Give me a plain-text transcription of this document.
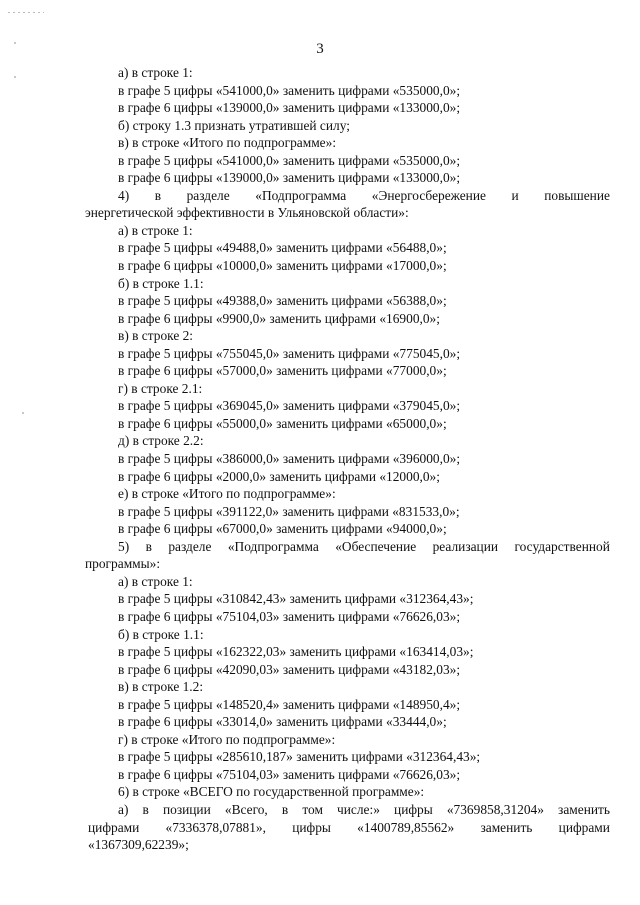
3
а) в строке 1:
в графе 5 цифры «541000,0» заменить цифрами «535000,0»;
в графе 6 цифры «139000,0» заменить цифрами «133000,0»;
б) строку 1.3 признать утратившей силу;
в) в строке «Итого по подпрограмме»:
в графе 5 цифры «541000,0» заменить цифрами «535000,0»;
в графе 6 цифры «139000,0» заменить цифрами «133000,0»;
4) в разделе «Подпрограмма «Энергосбережение и повышение
энергетической эффективности в Ульяновской области»:
а) в строке 1:
в графе 5 цифры «49488,0» заменить цифрами «56488,0»;
в графе 6 цифры «10000,0» заменить цифрами «17000,0»;
б) в строке 1.1:
в графе 5 цифры «49388,0» заменить цифрами «56388,0»;
в графе 6 цифры «9900,0» заменить цифрами «16900,0»;
в) в строке 2:
в графе 5 цифры «755045,0» заменить цифрами «775045,0»;
в графе 6 цифры «57000,0» заменить цифрами «77000,0»;
г) в строке 2.1:
в графе 5 цифры «369045,0» заменить цифрами «379045,0»;
в графе 6 цифры «55000,0» заменить цифрами «65000,0»;
д) в строке 2.2:
в графе 5 цифры «386000,0» заменить цифрами «396000,0»;
в графе 6 цифры «2000,0» заменить цифрами «12000,0»;
е) в строке «Итого по подпрограмме»:
в графе 5 цифры «391122,0» заменить цифрами «831533,0»;
в графе 6 цифры «67000,0» заменить цифрами «94000,0»;
5) в разделе «Подпрограмма «Обеспечение реализации государственной
программы»:
а) в строке 1:
в графе 5 цифры «310842,43» заменить цифрами «312364,43»;
в графе 6 цифры «75104,03» заменить цифрами «76626,03»;
б) в строке 1.1:
в графе 5 цифры «162322,03» заменить цифрами «163414,03»;
в графе 6 цифры «42090,03» заменить цифрами «43182,03»;
в) в строке 1.2:
в графе 5 цифры «148520,4» заменить цифрами «148950,4»;
в графе 6 цифры «33014,0» заменить цифрами «33444,0»;
г) в строке «Итого по подпрограмме»:
в графе 5 цифры «285610,187» заменить цифрами «312364,43»;
в графе 6 цифры «75104,03» заменить цифрами «76626,03»;
6) в строке «ВСЕГО по государственной программе»:
а) в позиции «Всего, в том числе:» цифры «7369858,31204» заменить
цифрами «7336378,07881», цифры «1400789,85562» заменить цифрами
«1367309,62239»;
